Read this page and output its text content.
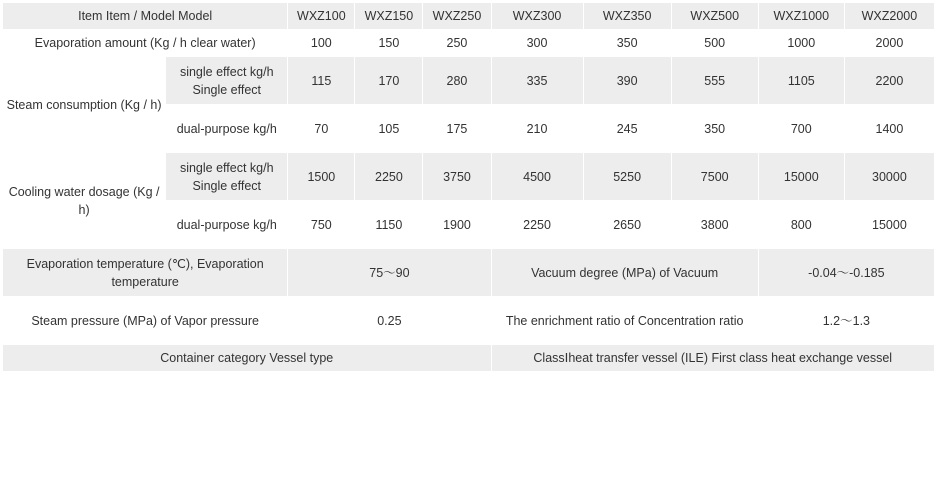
Item Item / Model Model		WXZ100	WXZ150	WXZ250	WXZ300	WXZ350	WXZ500	WXZ1000	WXZ2000
Evaporation amount (Kg / h clear water)		100	150	250	300	350	500	1000	2000
Steam consumption (Kg / h)	single effect kg/h Single effect	115	170	280	335	390	555	1105	2200
	dual-purpose kg/h	70	105	175	210	245	350	700	1400
Cooling water dosage (Kg / h)	single effect kg/h Single effect	1500	2250	3750	4500	5250	7500	15000	30000
	dual-purpose kg/h	750	1150	1900	2250	2650	3800	800	15000
Evaporation temperature (℃), Evaporation temperature		75～90			Vacuum degree (MPa) of Vacuum			-0.04～-0.185	
Steam pressure (MPa) of Vapor pressure		0.25			The enrichment ratio of Concentration ratio			1.2～1.3	
Container category Vessel type					ClassⅠheat transfer vessel (ILE) First class heat exchange vessel				
